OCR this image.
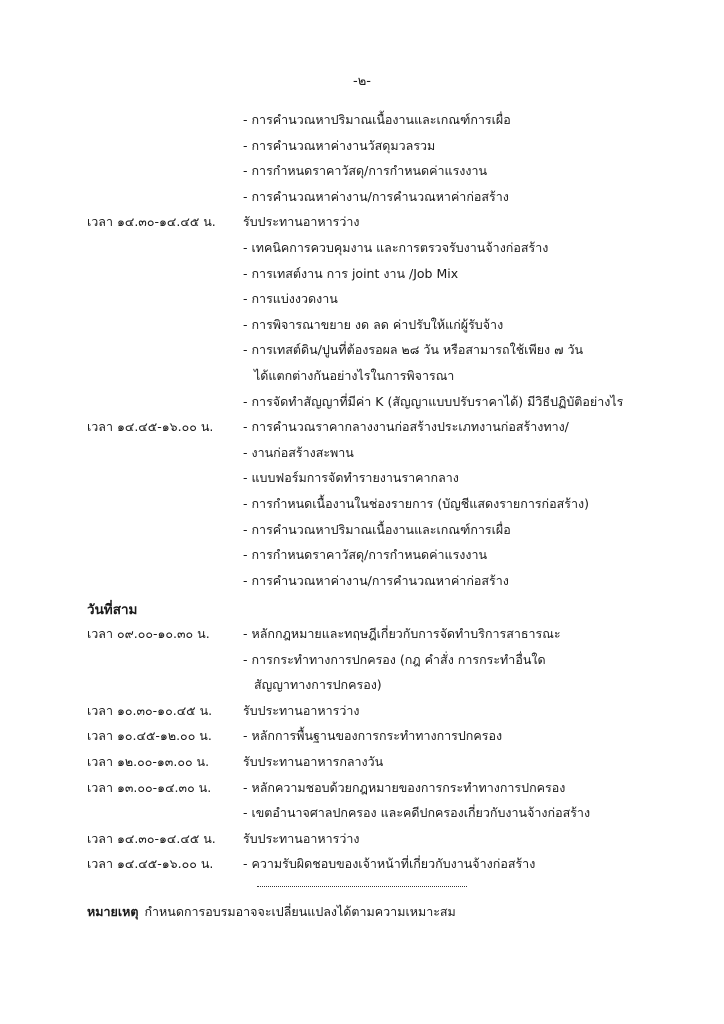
-๒-
- การคำนวณหาปริมาณเนื้องานและเกณฑ์การเผื่อ
- การคำนวณหาค่างานวัสดุมวลรวม
- การกำหนดราคาวัสดุ/การกำหนดค่าแรงงาน
- การคำนวณหาค่างาน/การคำนวณหาค่าก่อสร้าง
เวลา ๑๔.๓๐-๑๔.๔๕ น.	รับประทานอาหารว่าง
- เทคนิคการควบคุมงาน และการตรวจรับงานจ้างก่อสร้าง
- การเทสต์งาน การ joint งาน /Job Mix
- การแบ่งงวดงาน
- การพิจารณาขยาย งด ลด ค่าปรับให้แก่ผู้รับจ้าง
- การเทสต์ดิน/ปูนที่ต้องรอผล ๒๘ วัน หรือสามารถใช้เพียง ๗ วัน
ได้แตกต่างกันอย่างไรในการพิจารณา
- การจัดทำสัญญาที่มีค่า K (สัญญาแบบปรับราคาได้) มีวิธีปฏิบัติอย่างไร
เวลา ๑๔.๔๕-๑๖.๐๐ น.	- การคำนวณราคากลางงานก่อสร้างประเภทงานก่อสร้างทาง/
- งานก่อสร้างสะพาน
- แบบฟอร์มการจัดทำรายงานราคากลาง
- การกำหนดเนื้องานในช่องรายการ (บัญชีแสดงรายการก่อสร้าง)
- การคำนวณหาปริมาณเนื้องานและเกณฑ์การเผื่อ
- การกำหนดราคาวัสดุ/การกำหนดค่าแรงงาน
- การคำนวณหาค่างาน/การคำนวณหาค่าก่อสร้าง
เวลา ๐๙.๐๐-๑๐.๓๐ น.	- หลักกฎหมายและทฤษฎีเกี่ยวกับการจัดทำบริการสาธารณะ
- การกระทำทางการปกครอง (กฎ คำสั่ง การกระทำอื่นใด
สัญญาทางการปกครอง)
เวลา ๑๐.๓๐-๑๐.๔๕ น.	รับประทานอาหารว่าง
เวลา ๑๐.๔๕-๑๒.๐๐ น.	- หลักการพื้นฐานของการกระทำทางการปกครอง
เวลา ๑๒.๐๐-๑๓.๐๐ น.	รับประทานอาหารกลางวัน
เวลา ๑๓.๐๐-๑๔.๓๐ น.	- หลักความชอบด้วยกฎหมายของการกระทำทางการปกครอง
- เขตอำนาจศาลปกครอง และคดีปกครองเกี่ยวกับงานจ้างก่อสร้าง
เวลา ๑๔.๓๐-๑๔.๔๕ น.	รับประทานอาหารว่าง
เวลา ๑๔.๔๕-๑๖.๐๐ น.	- ความรับผิดชอบของเจ้าหน้าที่เกี่ยวกับงานจ้างก่อสร้าง
วันที่สาม
หมายเหตุ กำหนดการอบรมอาจจะเปลี่ยนแปลงได้ตามความเหมาะสม
